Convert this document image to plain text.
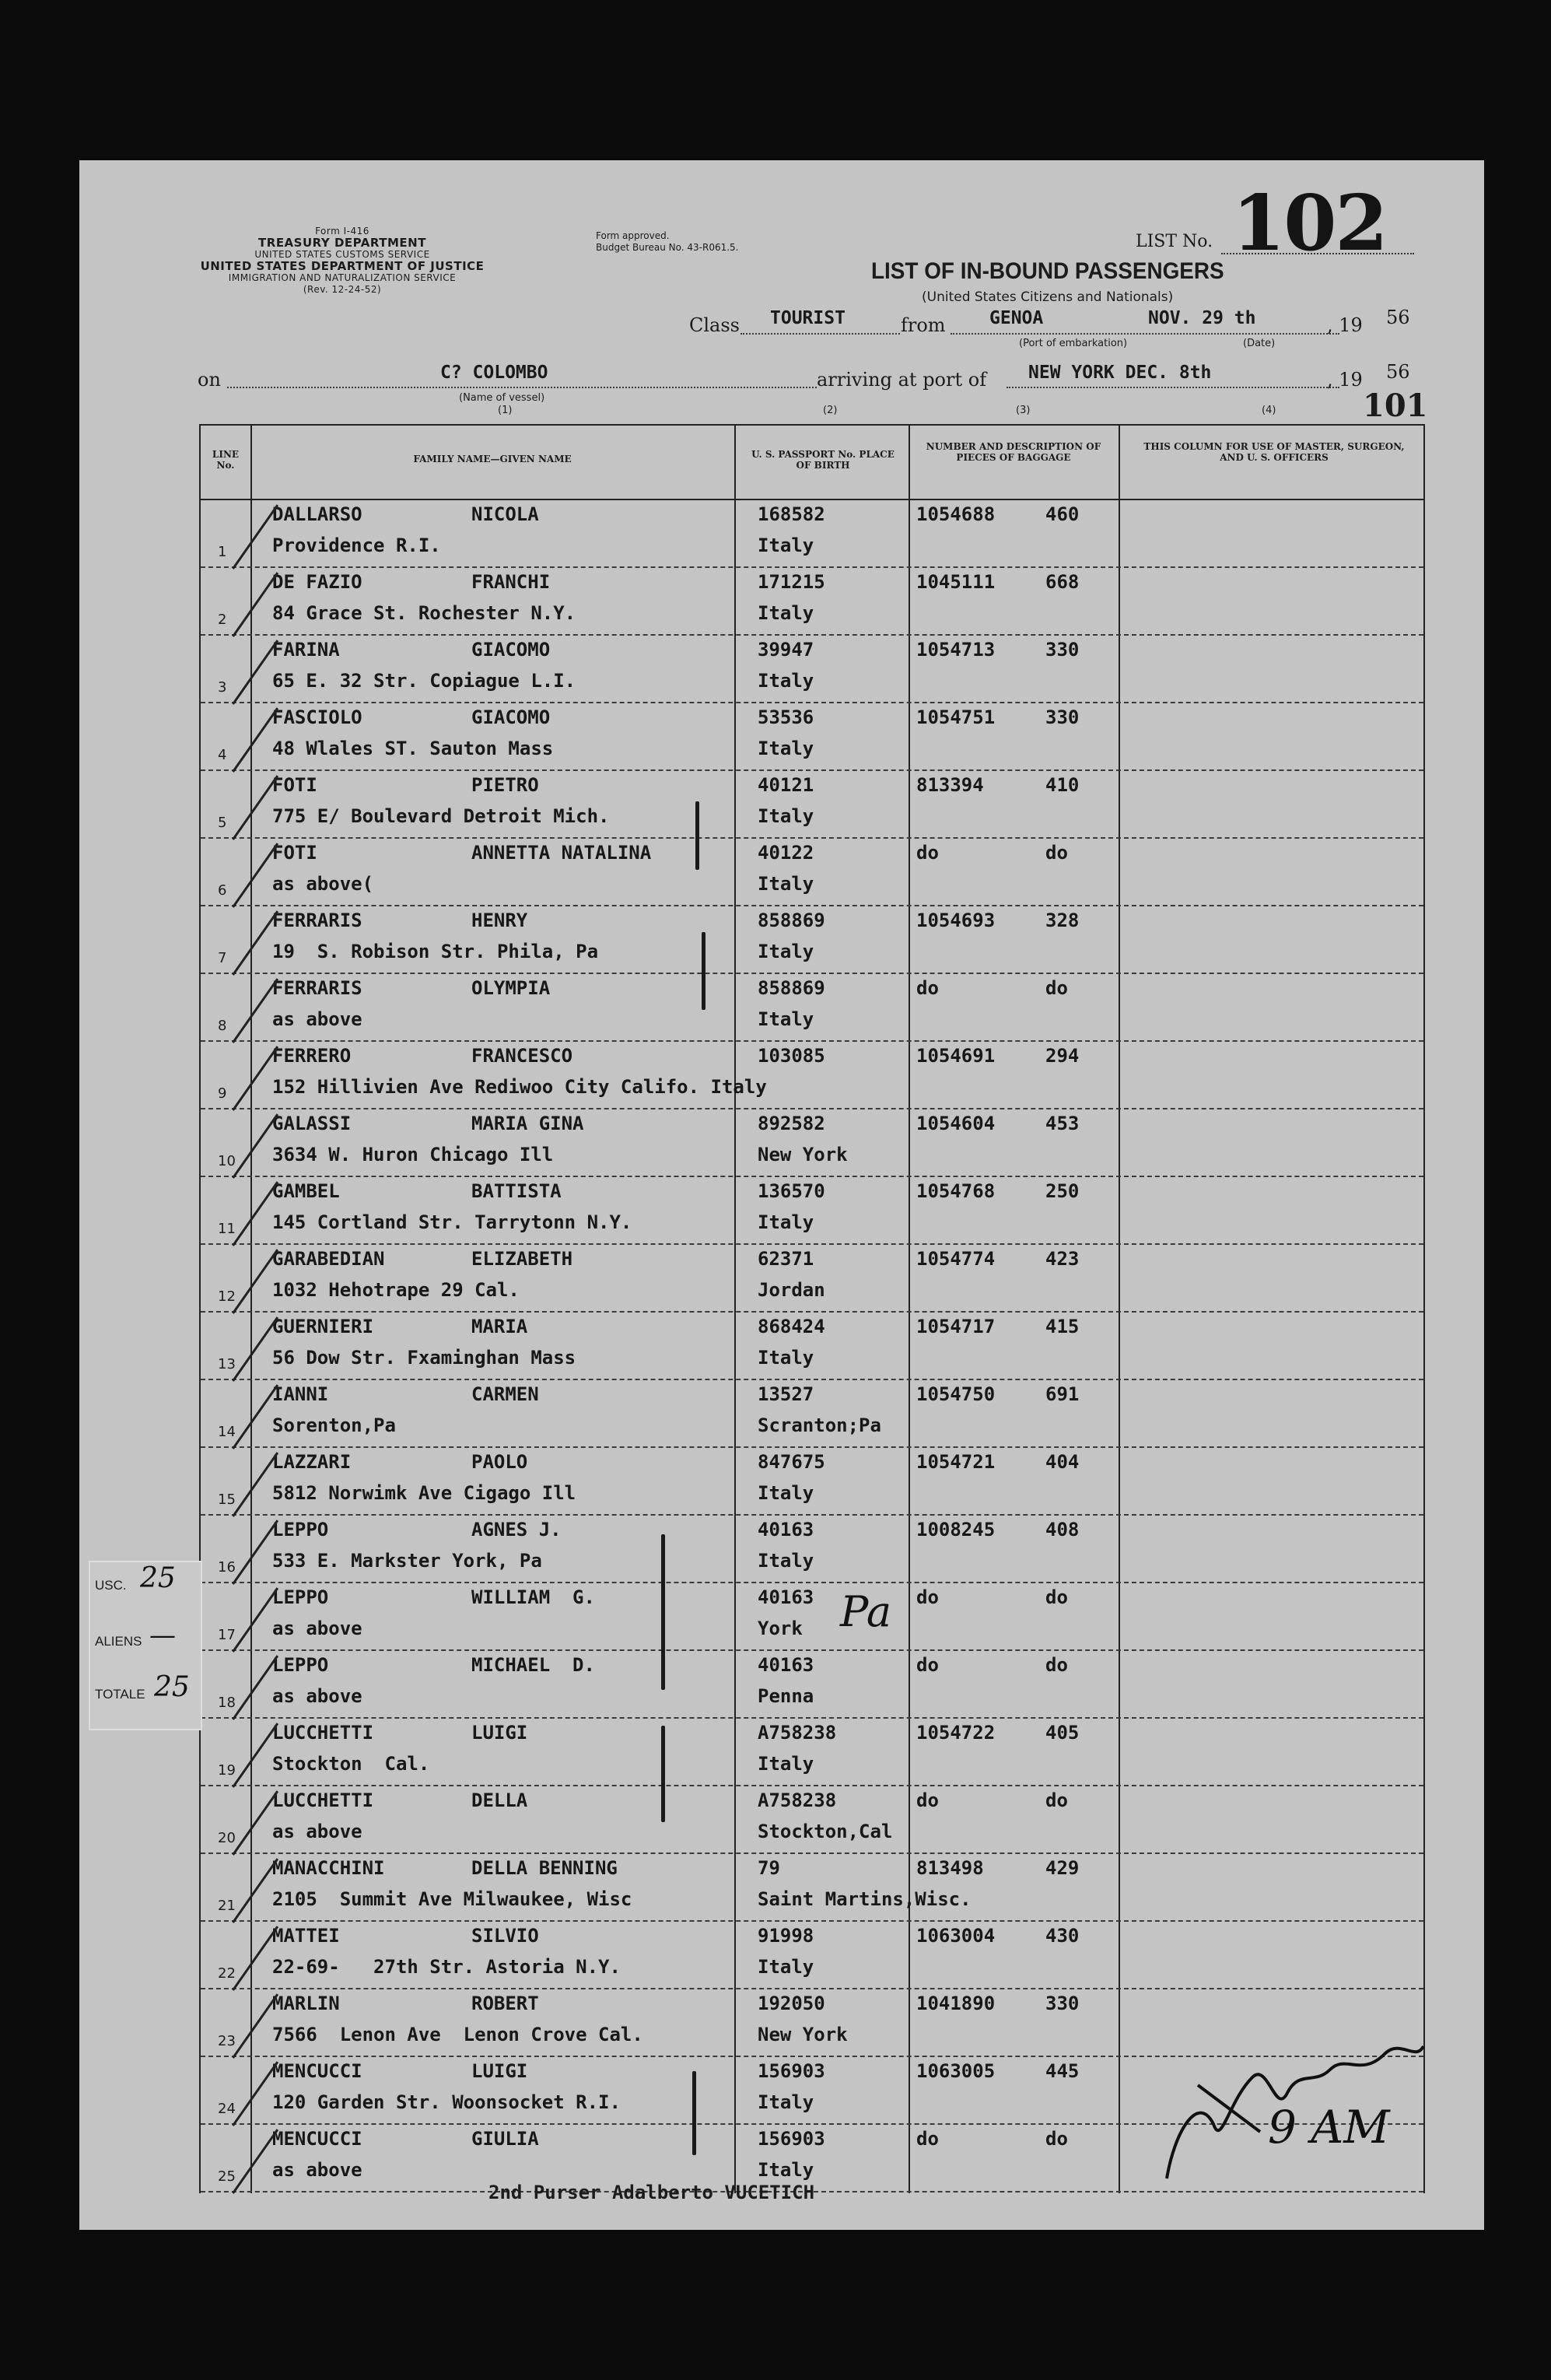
Form I-416
TREASURY DEPARTMENT
UNITED STATES CUSTOMS SERVICE
UNITED STATES DEPARTMENT OF JUSTICE
IMMIGRATION AND NATURALIZATION SERVICE
(Rev. 12-24-52)
Form approved.
Budget Bureau No. 43-R061.5.	LIST No. 102
LIST OF IN-BOUND PASSENGERS
(United States Citizens and Nationals)
Class TOURIST	from GENOA	NOV. 29 th	, 19 56
(Port of embarkation)	(Date)
on	C? COLOMBO
(Name of vessel)
arriving at port of NEW YORK DEC. 8th	, 19 56
(1)	(2)	(3)	(4)	101
LINE No.
FAMILY NAME—GIVEN NAME	U. S. PASSPORT No. PLACE OF BIRTH
NUMBER AND DESCRIPTION OF PIECES OF BAGGAGE
THIS COLUMN FOR USE OF MASTER, SURGEON, AND U. S. OFFICERS
1
DALLARSO	NICOLA
Providence R.I.
168582
Italy
1054688	460
2
DE FAZIO	FRANCHI
84 Grace St. Rochester N.Y.
171215
Italy
1045111	668
3
FARINA	GIACOMO
65 E. 32 Str. Copiague L.I.
39947
Italy
1054713	330
4
FASCIOLO	GIACOMO
48 Wlales ST. Sauton Mass
53536
Italy
1054751	330
5
FOTI	PIETRO
775 E/ Boulevard Detroit Mich.
40121
Italy
813394	410
6
FOTI	ANNETTA NATALINA
as above(
40122
Italy
do	do
7
FERRARIS	HENRY
19  S. Robison Str. Phila, Pa
858869
Italy
1054693	328
8
FERRARIS	OLYMPIA
as above
858869
Italy
do	do
9
FERRERO	FRANCESCO
152 Hillivien Ave Rediwoo City Califo. Italy
103085	1054691	294
10
GALASSI	MARIA GINA
3634 W. Huron Chicago Ill
892582
New York
1054604	453
11
GAMBEL	BATTISTA
145 Cortland Str. Tarrytonn N.Y.
136570
Italy
1054768	250
12
GARABEDIAN	ELIZABETH
1032 Hehotrape 29 Cal.
62371
Jordan
1054774	423
13
GUERNIERI	MARIA
56 Dow Str. Fxaminghan Mass
868424
Italy
1054717	415
14
IANNI	CARMEN
Sorenton,Pa
13527
Scranton;Pa
1054750	691
15
LAZZARI	PAOLO
5812 Norwimk Ave Cigago Ill
847675
Italy
1054721	404
16
LEPPO	AGNES J.
533 E. Markster York, Pa
40163
Italy
1008245	408
17
LEPPO	WILLIAM  G.
as above
40163
York
do	do
18
LEPPO	MICHAEL  D.
as above
40163
Penna
do	do
19
LUCCHETTI	LUIGI
Stockton  Cal.
A758238
Italy
1054722	405
20
LUCCHETTI	DELLA
as above
A758238
Stockton,Cal
do	do
21
MANACCHINI	DELLA BENNING
2105  Summit Ave Milwaukee, Wisc
79
Saint Martins,Wisc.
813498	429
22
MATTEI	SILVIO
22-69-   27th Str. Astoria N.Y.
91998
Italy
1063004	430
23
MARLIN	ROBERT
7566  Lenon Ave  Lenon Crove Cal.
192050
New York
1041890	330
24
MENCUCCI	LUIGI
120 Garden Str. Woonsocket R.I.
156903
Italy
1063005	445
25
MENCUCCI	GIULIA
as above
156903
Italy
do	do
USC. 25
ALIENS —
TOTALE 25
Pa
9 AM
2nd Purser Adalberto VUCETICH
